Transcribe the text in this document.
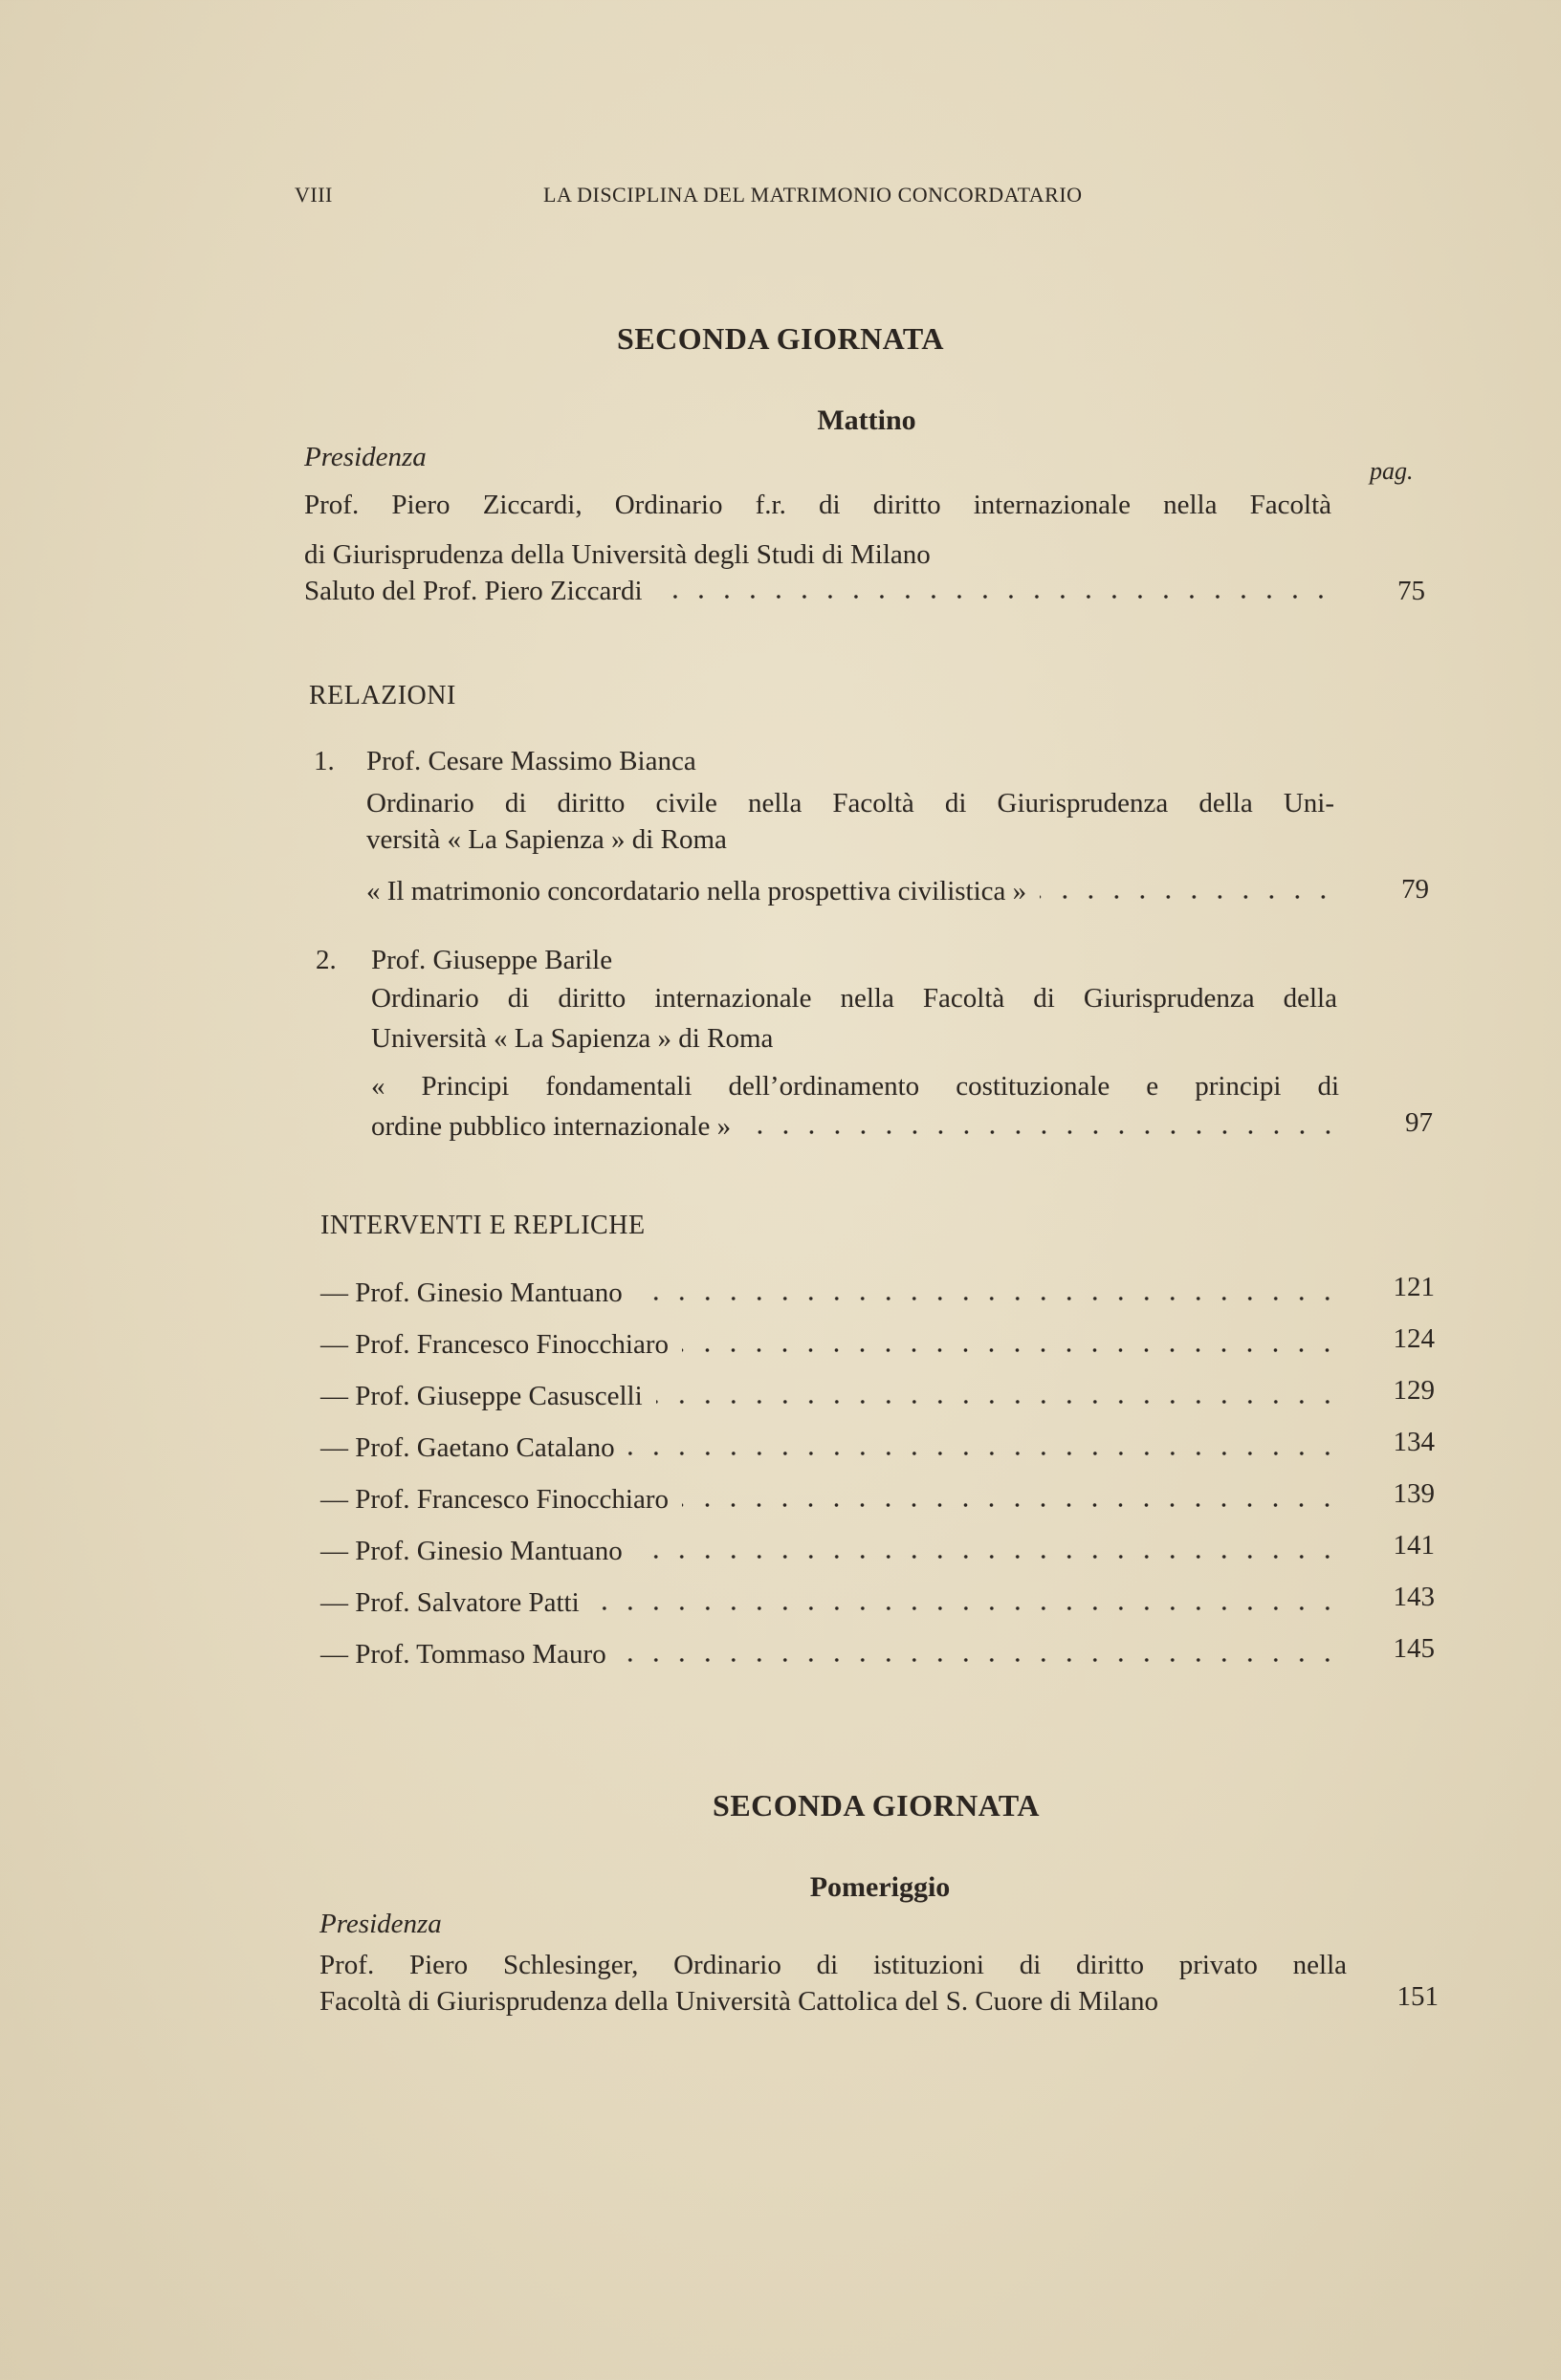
VIII	LA DISCIPLINA DEL MATRIMONIO CONCORDATARIO
SECONDA GIORNATA
Mattino
Presidenza	pag.
Prof. Piero Ziccardi, Ordinario f.r. di diritto internazionale nella Facoltà
di Giurisprudenza della Università degli Studi di Milano
Saluto del Prof. Piero Ziccardi	75
RELAZIONI
1. Prof. Cesare Massimo Bianca
Ordinario di diritto civile nella Facoltà di Giurisprudenza della Uni-
versità « La Sapienza » di Roma
« Il matrimonio concordatario nella prospettiva civilistica »	79
2. Prof. Giuseppe Barile
Ordinario di diritto internazionale nella Facoltà di Giurisprudenza della
Università « La Sapienza » di Roma
« Principi fondamentali dell’ordinamento costituzionale e principi di
ordine pubblico internazionale »	97
INTERVENTI E REPLICHE
— Prof. Ginesio Mantuano	121
— Prof. Francesco Finocchiaro	124
— Prof. Giuseppe Casuscelli	129
— Prof. Gaetano Catalano	134
— Prof. Francesco Finocchiaro	139
— Prof. Ginesio Mantuano	141
— Prof. Salvatore Patti	143
— Prof. Tommaso Mauro	145
SECONDA GIORNATA
Pomeriggio
Presidenza
Prof. Piero Schlesinger, Ordinario di istituzioni di diritto privato nella
Facoltà di Giurisprudenza della Università Cattolica del S. Cuore di Milano	151
